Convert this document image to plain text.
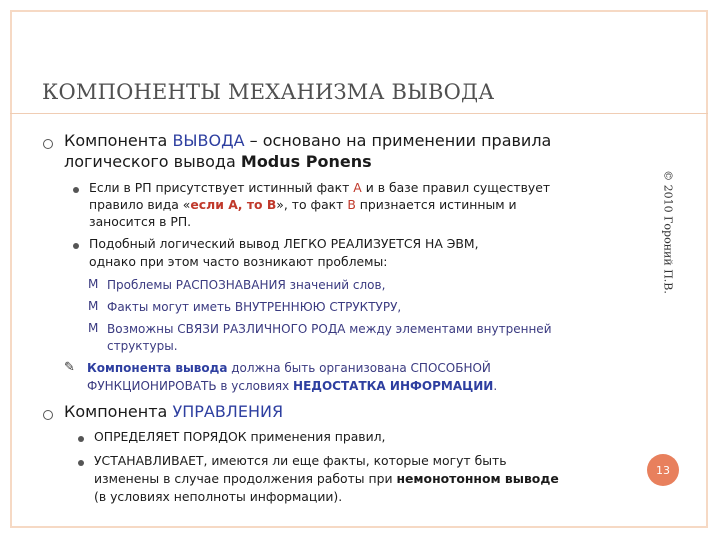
КОМПОНЕНТЫ МЕХАНИЗМА ВЫВОДА
© 2010 Гороний П.В.
13
Компонента ВЫВОДА – основано на применении правила
логического вывода Modus Ponens
Если в РП присутствует истинный факт А и в базе правил существует
правило вида «если А, то В», то факт В признается истинным и
заносится в РП.
Подобный логический вывод ЛЕГКО РЕАЛИЗУЕТСЯ НА ЭВМ,
однако при этом часто возникают проблемы:
M Проблемы РАСПОЗНАВАНИЯ значений слов,
M Факты могут иметь ВНУТРЕННЮЮ СТРУКТУРУ,
M Возможны СВЯЗИ РАЗЛИЧНОГО РОДА между элементами внутренней
структуры.
✎ Компонента вывода должна быть организована СПОСОБНОЙ
ФУНКЦИОНИРОВАТЬ в условиях НЕДОСТАТКА ИНФОРМАЦИИ.
Компонента УПРАВЛЕНИЯ
ОПРЕДЕЛЯЕТ ПОРЯДОК применения правил,
УСТАНАВЛИВАЕТ, имеются ли еще факты, которые могут быть
изменены в случае продолжения работы при немонотонном выводе
(в условиях неполноты информации).
